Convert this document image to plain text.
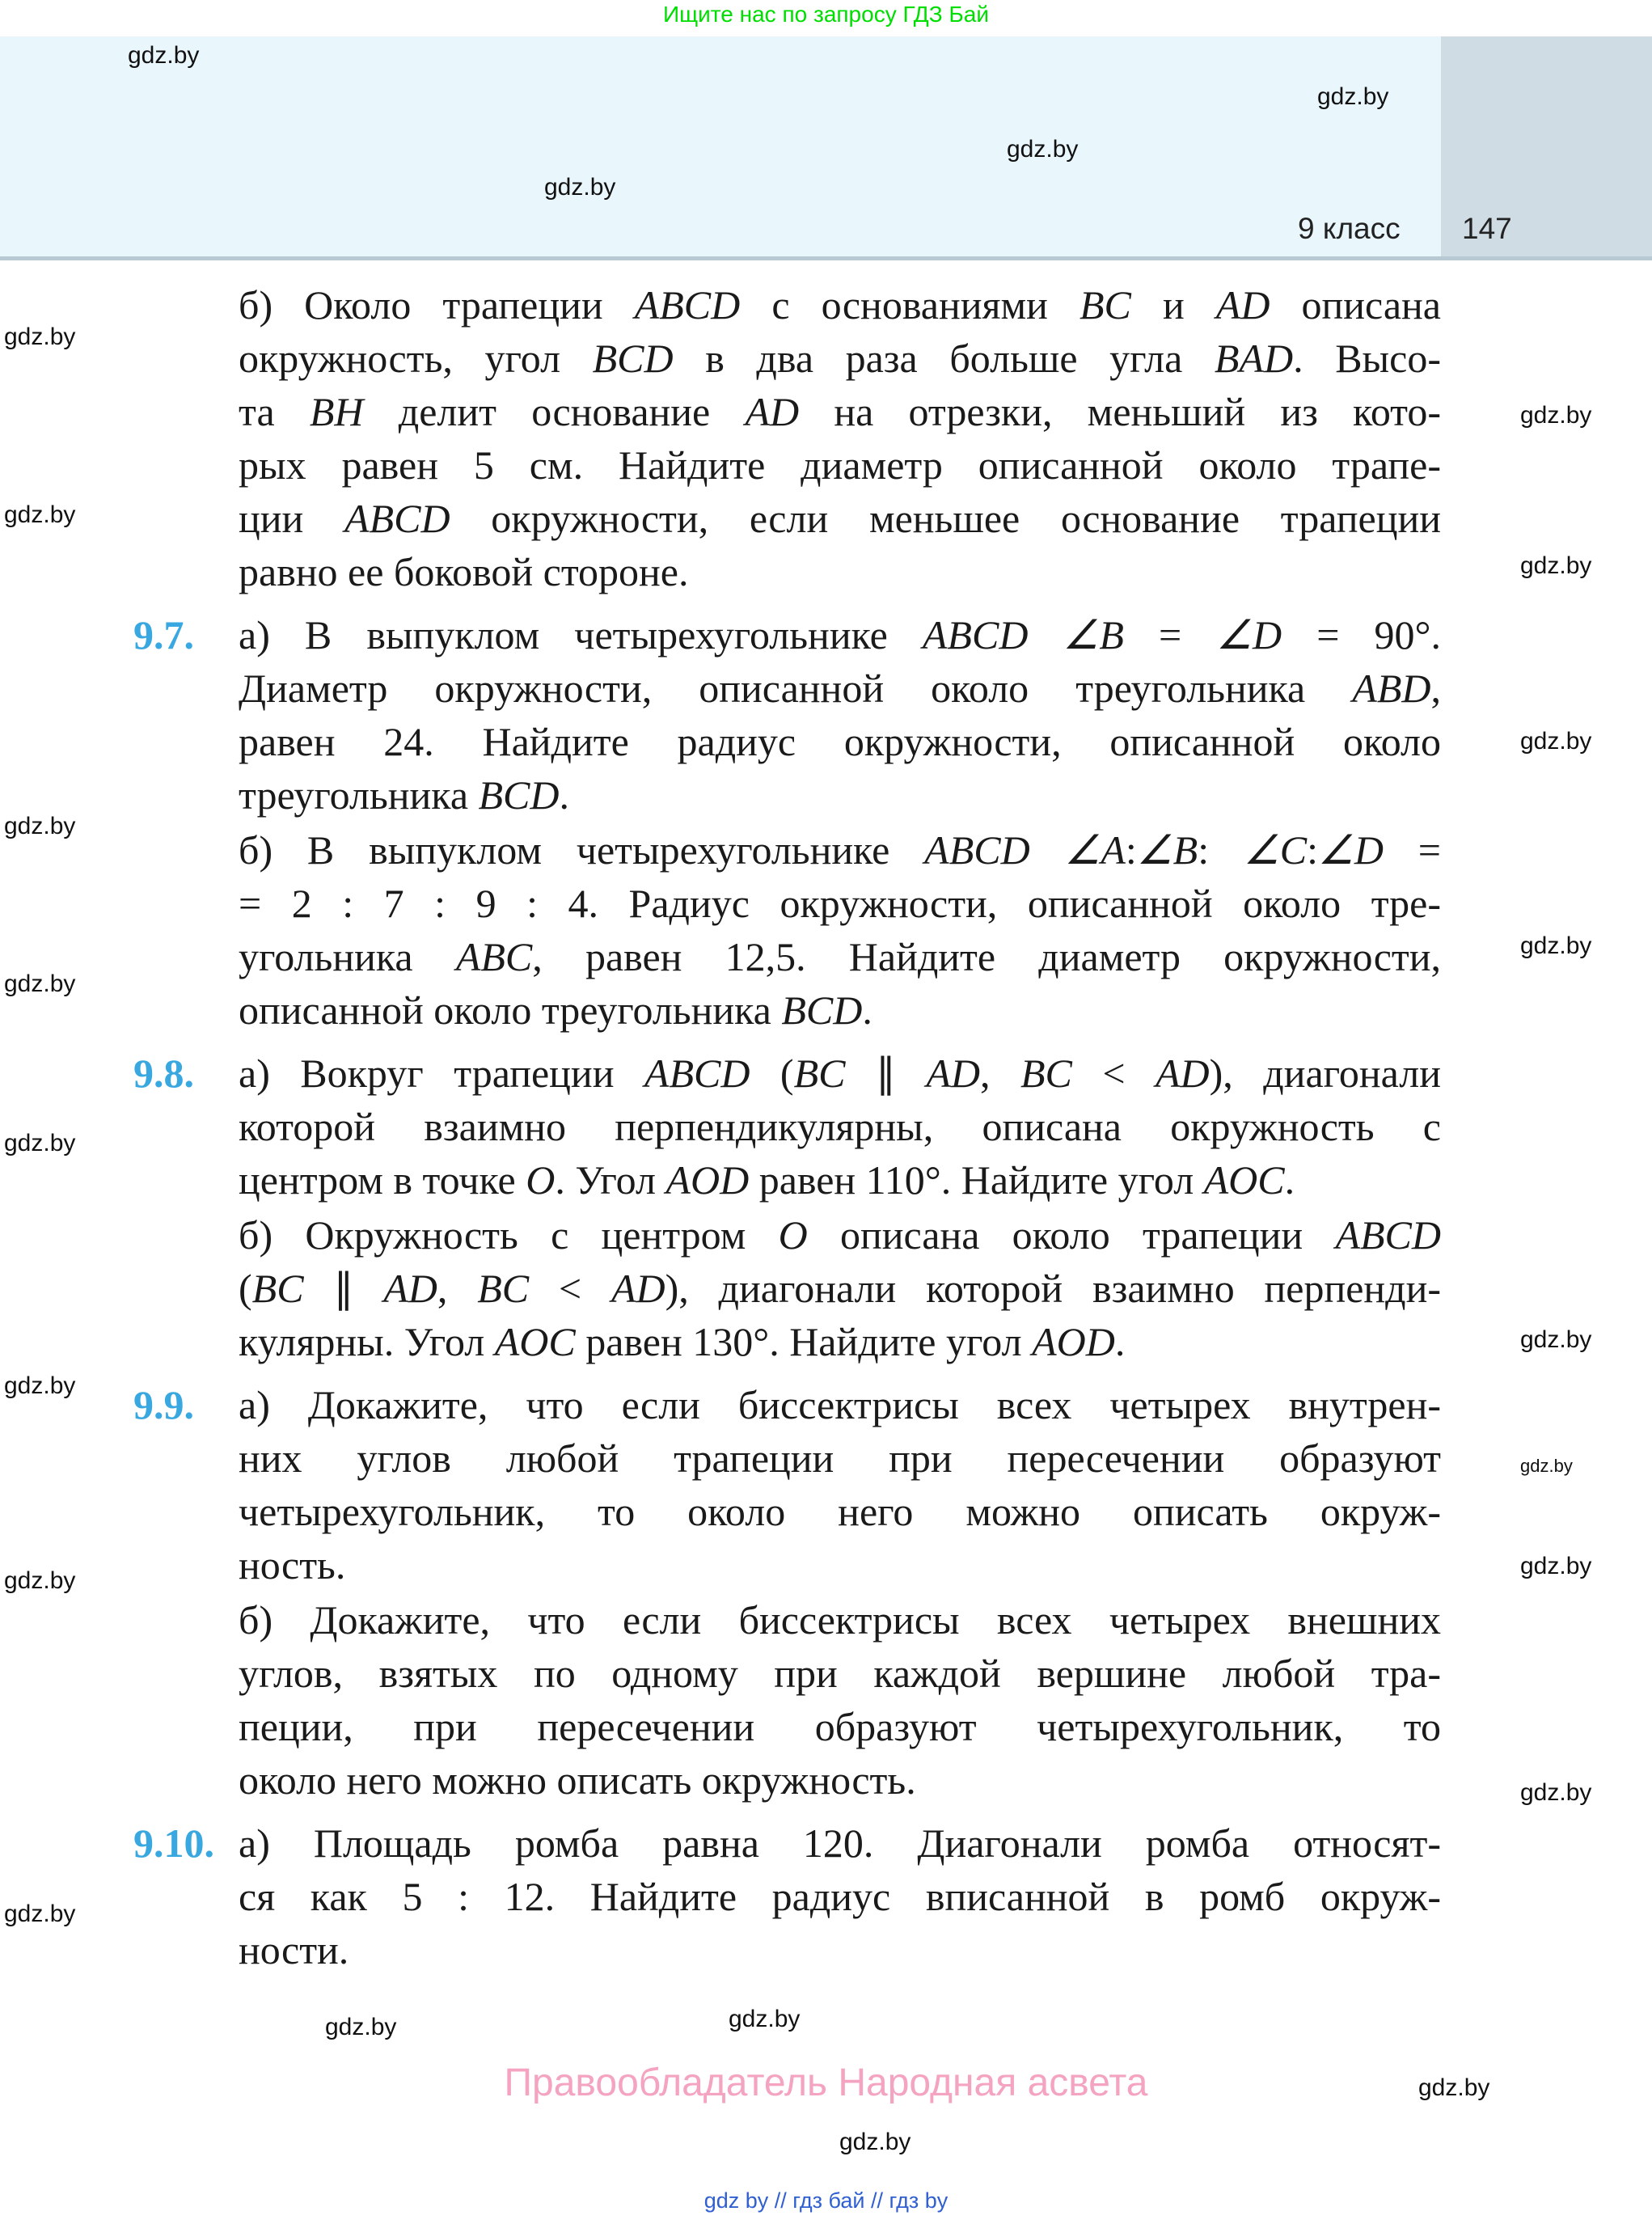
Ищите нас по запросу ГДЗ Бай
9 класс 147
б) Около трапеции ABCD с основаниями BC и AD описана
окружность, угол BCD в два раза больше угла BAD. Высо-
та BH делит основание AD на отрезки, меньший из кото-
рых равен 5 см. Найдите диаметр описанной около трапе-
ции ABCD окружности, если меньшее основание трапеции
равно ее боковой стороне.
9.7. а) В выпуклом четырехугольнике ABCD ∠B = ∠D = 90°.
Диаметр окружности, описанной около треугольника ABD,
равен 24. Найдите радиус окружности, описанной около
треугольника BCD.
б) В выпуклом четырехугольнике ABCD ∠A:∠B: ∠C:∠D =
= 2 : 7 : 9 : 4. Радиус окружности, описанной около тре-
угольника ABC, равен 12,5. Найдите диаметр окружности,
описанной около треугольника BCD.
9.8. а) Вокруг трапеции ABCD (BC ∥ AD, BC < AD), диагонали
которой взаимно перпендикулярны, описана окружность с
центром в точке O. Угол AOD равен 110°. Найдите угол AOC.
б) Окружность с центром O описана около трапеции ABCD
(BC ∥ AD, BC < AD), диагонали которой взаимно перпенди-
кулярны. Угол AOC равен 130°. Найдите угол AOD.
9.9. а) Докажите, что если биссектрисы всех четырех внутрен-
них углов любой трапеции при пересечении образуют
четырехугольник, то около него можно описать окруж-
ность.
б) Докажите, что если биссектрисы всех четырех внешних
углов, взятых по одному при каждой вершине любой тра-
пеции, при пересечении образуют четырехугольник, то
около него можно описать окружность.
9.10. а) Площадь ромба равна 120. Диагонали ромба относят-
ся как 5 : 12. Найдите радиус вписанной в ромб окруж-
ности.
gdz.by
gdz.by
gdz.by
gdz.by
gdz.by
gdz.by
gdz.by
gdz.by
gdz.by
gdz.by
gdz.by
gdz.by
gdz.by
gdz.by
gdz.by
gdz.by
gdz.by
gdz.by
gdz.by
gdz.by
gdz.by
gdz.by
gdz.by
gdz.by
Правообладатель Народная асвета
gdz by // гдз бай // гдз by
